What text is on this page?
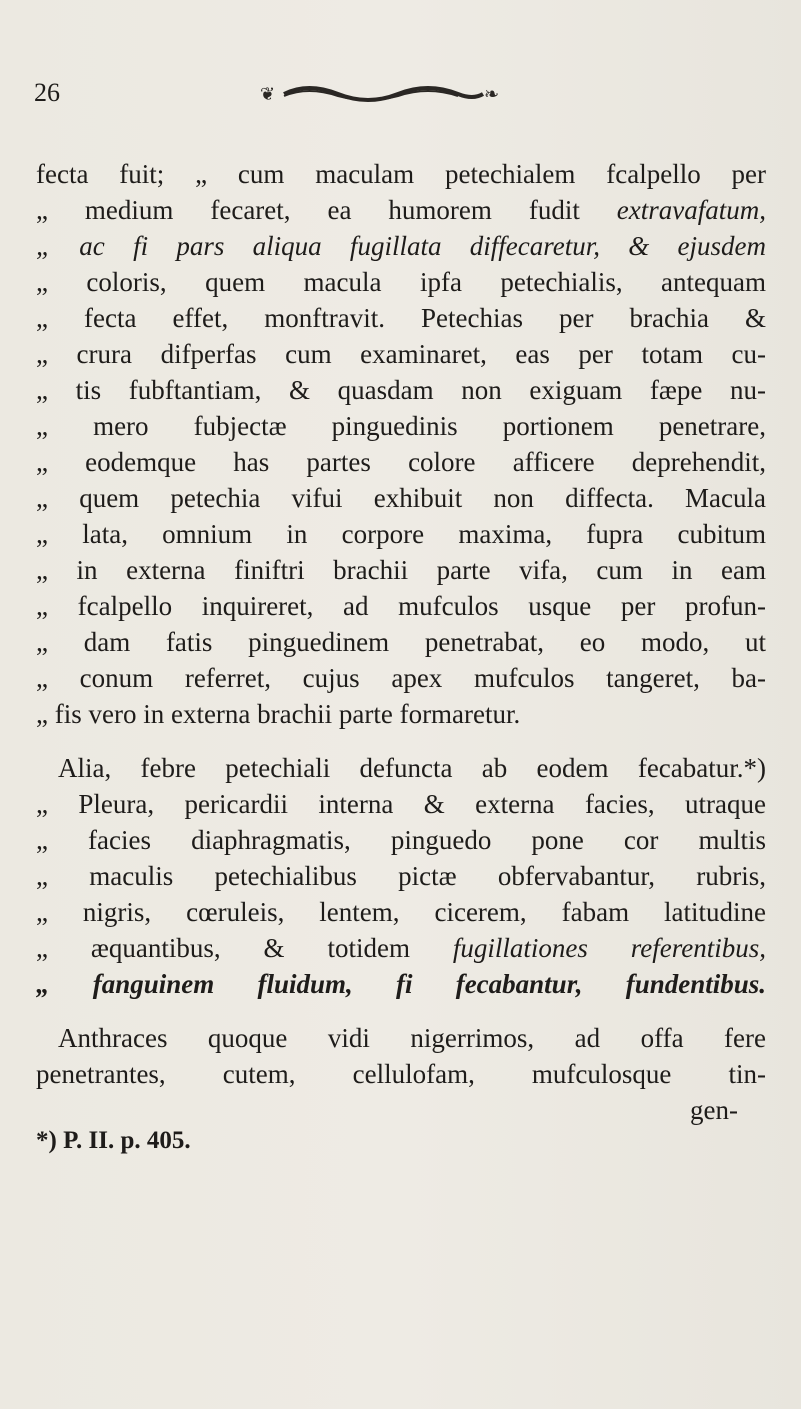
26	❦	❧
fecta fuit; „ cum maculam petechialem fcalpello per
„ medium fecaret, ea humorem fudit extravafatum,
„ ac fi pars aliqua fugillata diffecaretur, & ejusdem
„ coloris, quem macula ipfa petechialis, antequam
„ fecta effet, monftravit. Petechias per brachia &
„ crura difperfas cum examinaret, eas per totam cu-
„ tis fubftantiam, & quasdam non exiguam fæpe nu-
„ mero fubjectæ pinguedinis portionem penetrare,
„ eodemque has partes colore afficere deprehendit,
„ quem petechia vifui exhibuit non diffecta. Macula
„ lata, omnium in corpore maxima, fupra cubitum
„ in externa finiftri brachii parte vifa, cum in eam
„ fcalpello inquireret, ad mufculos usque per profun-
„ dam fatis pinguedinem penetrabat, eo modo, ut
„ conum referret, cujus apex mufculos tangeret, ba-
„ fis vero in externa brachii parte formaretur.
Alia, febre petechiali defuncta ab eodem fecabatur.*)
„ Pleura, pericardii interna & externa facies, utraque
„ facies diaphragmatis, pinguedo pone cor multis
„ maculis petechialibus pictæ obfervabantur, rubris,
„ nigris, cœruleis, lentem, cicerem, fabam latitudine
„ æquantibus, & totidem fugillationes referentibus,
„ fanguinem fluidum, fi fecabantur, fundentibus.
Anthraces quoque vidi nigerrimos, ad offa fere
penetrantes, cutem, cellulofam, mufculosque tin-
gen-
*) P. II. p. 405.
